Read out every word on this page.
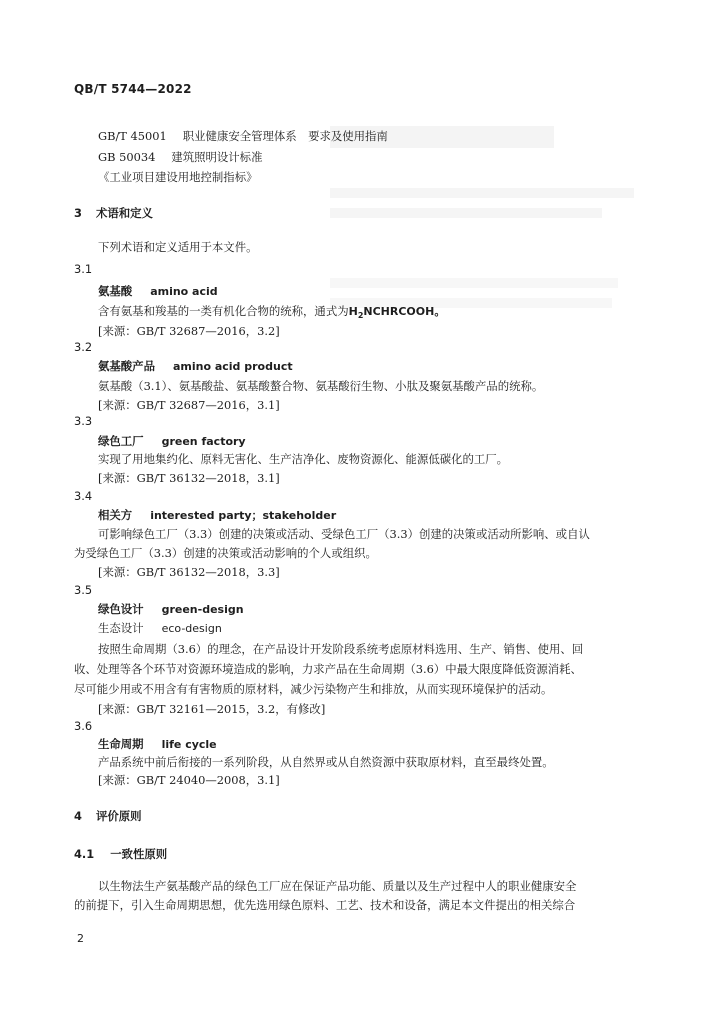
QB/T 5744—2022
GB/T 45001 职业健康安全管理体系　要求及使用指南
GB 50034 建筑照明设计标准
《工业项目建设用地控制指标》
3 术语和定义
下列术语和定义适用于本文件。
3.1
氨基酸 amino acid
含有氨基和羧基的一类有机化合物的统称，通式为$H_2NCHRCOOH$。
[来源：GB/T 32687—2016，3.2]
3.2
氨基酸产品 amino acid product
氨基酸（3.1）、氨基酸盐、氨基酸螯合物、氨基酸衍生物、小肽及聚氨基酸产品的统称。
[来源：GB/T 32687—2016，3.1]
3.3
绿色工厂 green factory
实现了用地集约化、原料无害化、生产洁净化、废物资源化、能源低碳化的工厂。
[来源：GB/T 36132—2018，3.1]
3.4
相关方 interested party；stakeholder
可影响绿色工厂（3.3）创建的决策或活动、受绿色工厂（3.3）创建的决策或活动所影响、或自认
为受绿色工厂（3.3）创建的决策或活动影响的个人或组织。
[来源：GB/T 36132—2018，3.3]
3.5
绿色设计 green-design
生态设计 eco-design
按照生命周期（3.6）的理念，在产品设计开发阶段系统考虑原材料选用、生产、销售、使用、回
收、处理等各个环节对资源环境造成的影响，力求产品在生命周期（3.6）中最大限度降低资源消耗、
尽可能少用或不用含有有害物质的原材料，减少污染物产生和排放，从而实现环境保护的活动。
[来源：GB/T 32161—2015，3.2，有修改]
3.6
生命周期 life cycle
产品系统中前后衔接的一系列阶段，从自然界或从自然资源中获取原材料，直至最终处置。
[来源：GB/T 24040—2008，3.1]
4 评价原则
4.1 一致性原则
以生物法生产氨基酸产品的绿色工厂应在保证产品功能、质量以及生产过程中人的职业健康安全
的前提下，引入生命周期思想，优先选用绿色原料、工艺、技术和设备，满足本文件提出的相关综合
2
